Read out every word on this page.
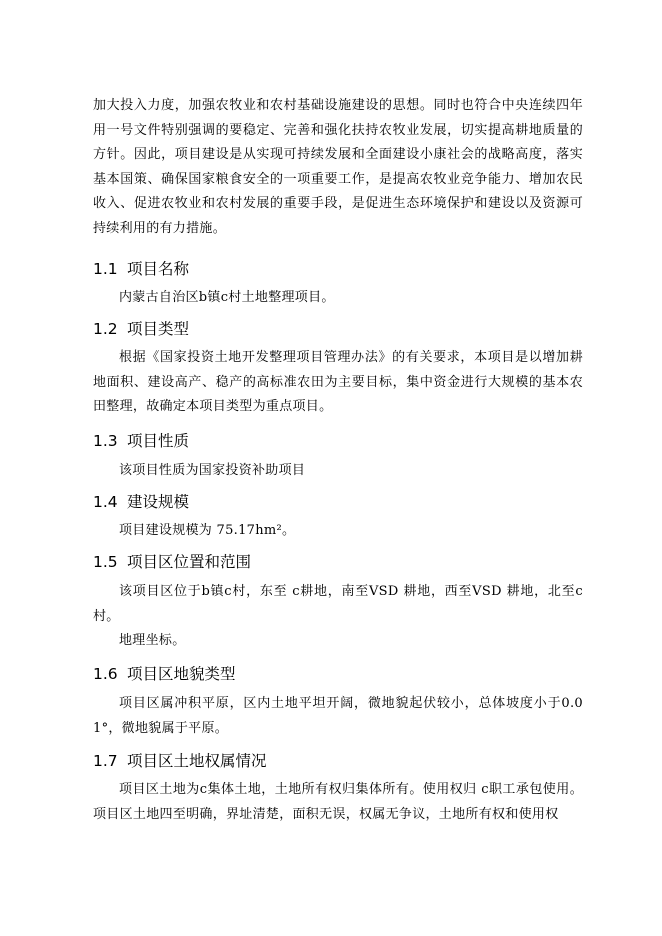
加大投入力度，加强农牧业和农村基础设施建设的思想。同时也符合中央连续四年用一号文件特别强调的要稳定、完善和强化扶持农牧业发展，切实提高耕地质量的方针。因此，项目建设是从实现可持续发展和全面建设小康社会的战略高度，落实基本国策、确保国家粮食安全的一项重要工作，是提高农牧业竞争能力、增加农民收入、促进农牧业和农村发展的重要手段，是促进生态环境保护和建设以及资源可持续利用的有力措施。

1.1 项目名称

内蒙古自治区b镇c村土地整理项目。

1.2 项目类型

根据《国家投资土地开发整理项目管理办法》的有关要求，本项目是以增加耕地面积、建设高产、稳产的高标准农田为主要目标，集中资金进行大规模的基本农田整理，故确定本项目类型为重点项目。

1.3 项目性质

该项目性质为国家投资补助项目

1.4 建设规模

项目建设规模为 75.17hm²。

1.5 项目区位置和范围

该项目区位于b镇c村，东至 c耕地，南至VSD 耕地，西至VSD 耕地，北至c村。

地理坐标。

1.6 项目区地貌类型

项目区属冲积平原，区内土地平坦开阔，微地貌起伏较小，总体坡度小于0.01°，微地貌属于平原。

1.7 项目区土地权属情况

项目区土地为c集体土地，土地所有权归集体所有。使用权归 c职工承包使用。项目区土地四至明确，界址清楚，面积无误，权属无争议，土地所有权和使用权
